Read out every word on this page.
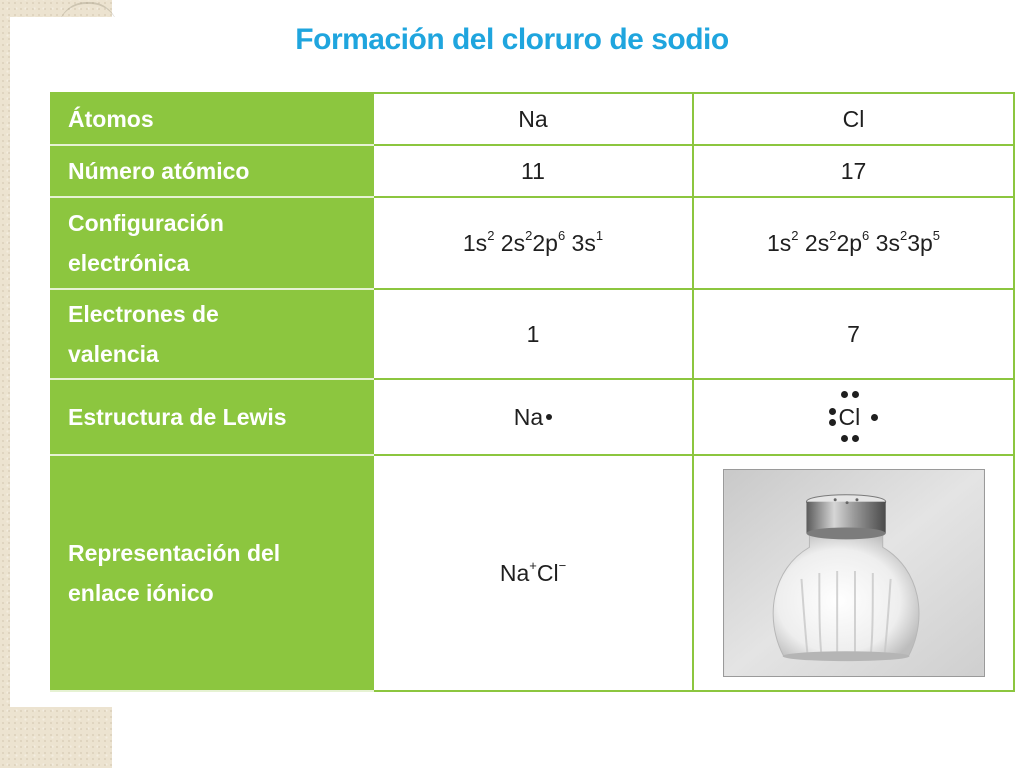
Formación del cloruro de sodio
Átomos	Na	Cl
Número atómico	11	17
Configuración
electrónica	$1s^2$ $2s^22p^6$ $3s^1$	$1s^2$ $2s^22p^6$ $3s^23p^5$
Electrones de
valencia	1	7
Estructura de Lewis	Na	Cl

Representación del
enlace iónico	Na+Cl−	
